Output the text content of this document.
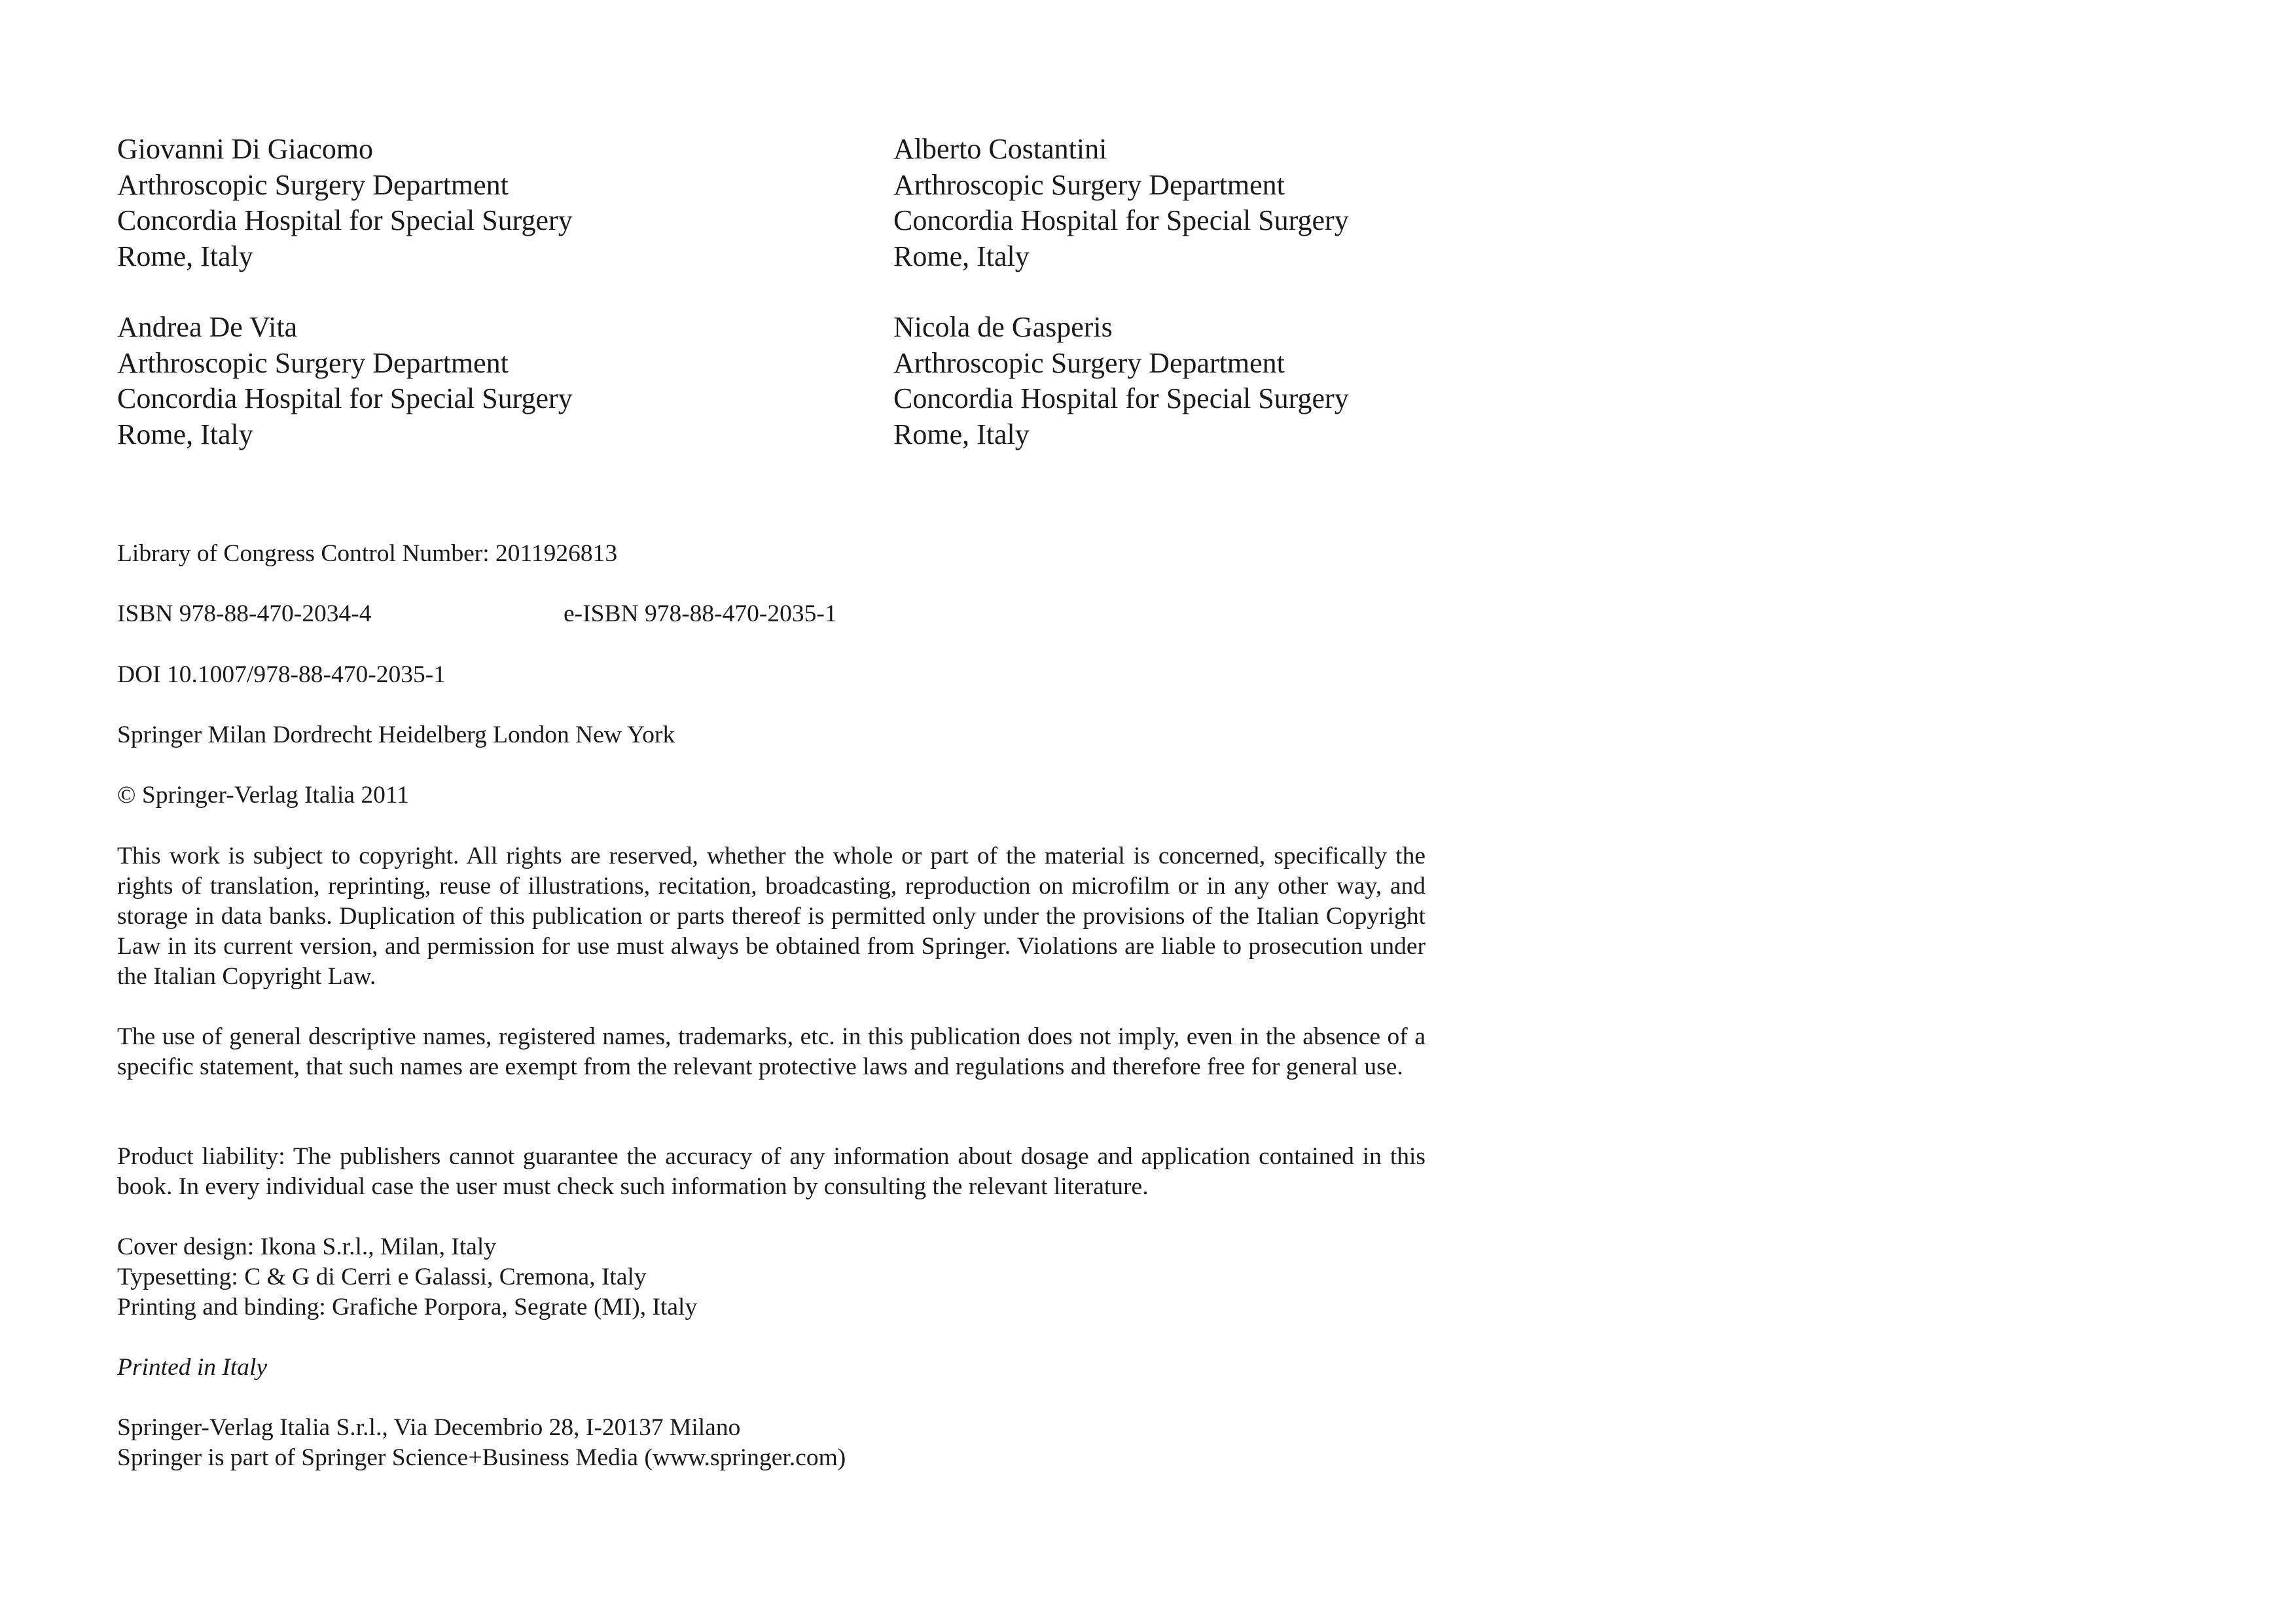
Giovanni Di Giacomo
Arthroscopic Surgery Department
Concordia Hospital for Special Surgery
Rome, Italy
Alberto Costantini
Arthroscopic Surgery Department
Concordia Hospital for Special Surgery
Rome, Italy
Andrea De Vita
Arthroscopic Surgery Department
Concordia Hospital for Special Surgery
Rome, Italy
Nicola de Gasperis
Arthroscopic Surgery Department
Concordia Hospital for Special Surgery
Rome, Italy
Library of Congress Control Number: 2011926813
ISBN 978-88-470-2034-4	e-ISBN 978-88-470-2035-1
DOI 10.1007/978-88-470-2035-1
Springer Milan Dordrecht Heidelberg London New York
© Springer-Verlag Italia 2011
This work is subject to copyright. All rights are reserved, whether the whole or part of the material is concerned, specifically the rights of translation, reprinting, reuse of illustrations, recitation, broadcasting, reproduction on microfilm or in any other way, and storage in data banks. Duplication of this publication or parts thereof is permitted only under the provisions of the Italian Copyright Law in its current version, and permission for use must always be obtained from Springer. Violations are liable to prosecution under the Italian Copyright Law.
The use of general descriptive names, registered names, trademarks, etc. in this publication does not imply, even in the absence of a specific statement, that such names are exempt from the relevant protective laws and regulations and therefore free for general use.
Product liability: The publishers cannot guarantee the accuracy of any information about dosage and application contained in this book. In every individual case the user must check such information by consulting the relevant literature.
Cover design: Ikona S.r.l., Milan, Italy
Typesetting: C & G di Cerri e Galassi, Cremona, Italy
Printing and binding: Grafiche Porpora, Segrate (MI), Italy
Printed in Italy
Springer-Verlag Italia S.r.l., Via Decembrio 28, I-20137 Milano
Springer is part of Springer Science+Business Media (www.springer.com)
